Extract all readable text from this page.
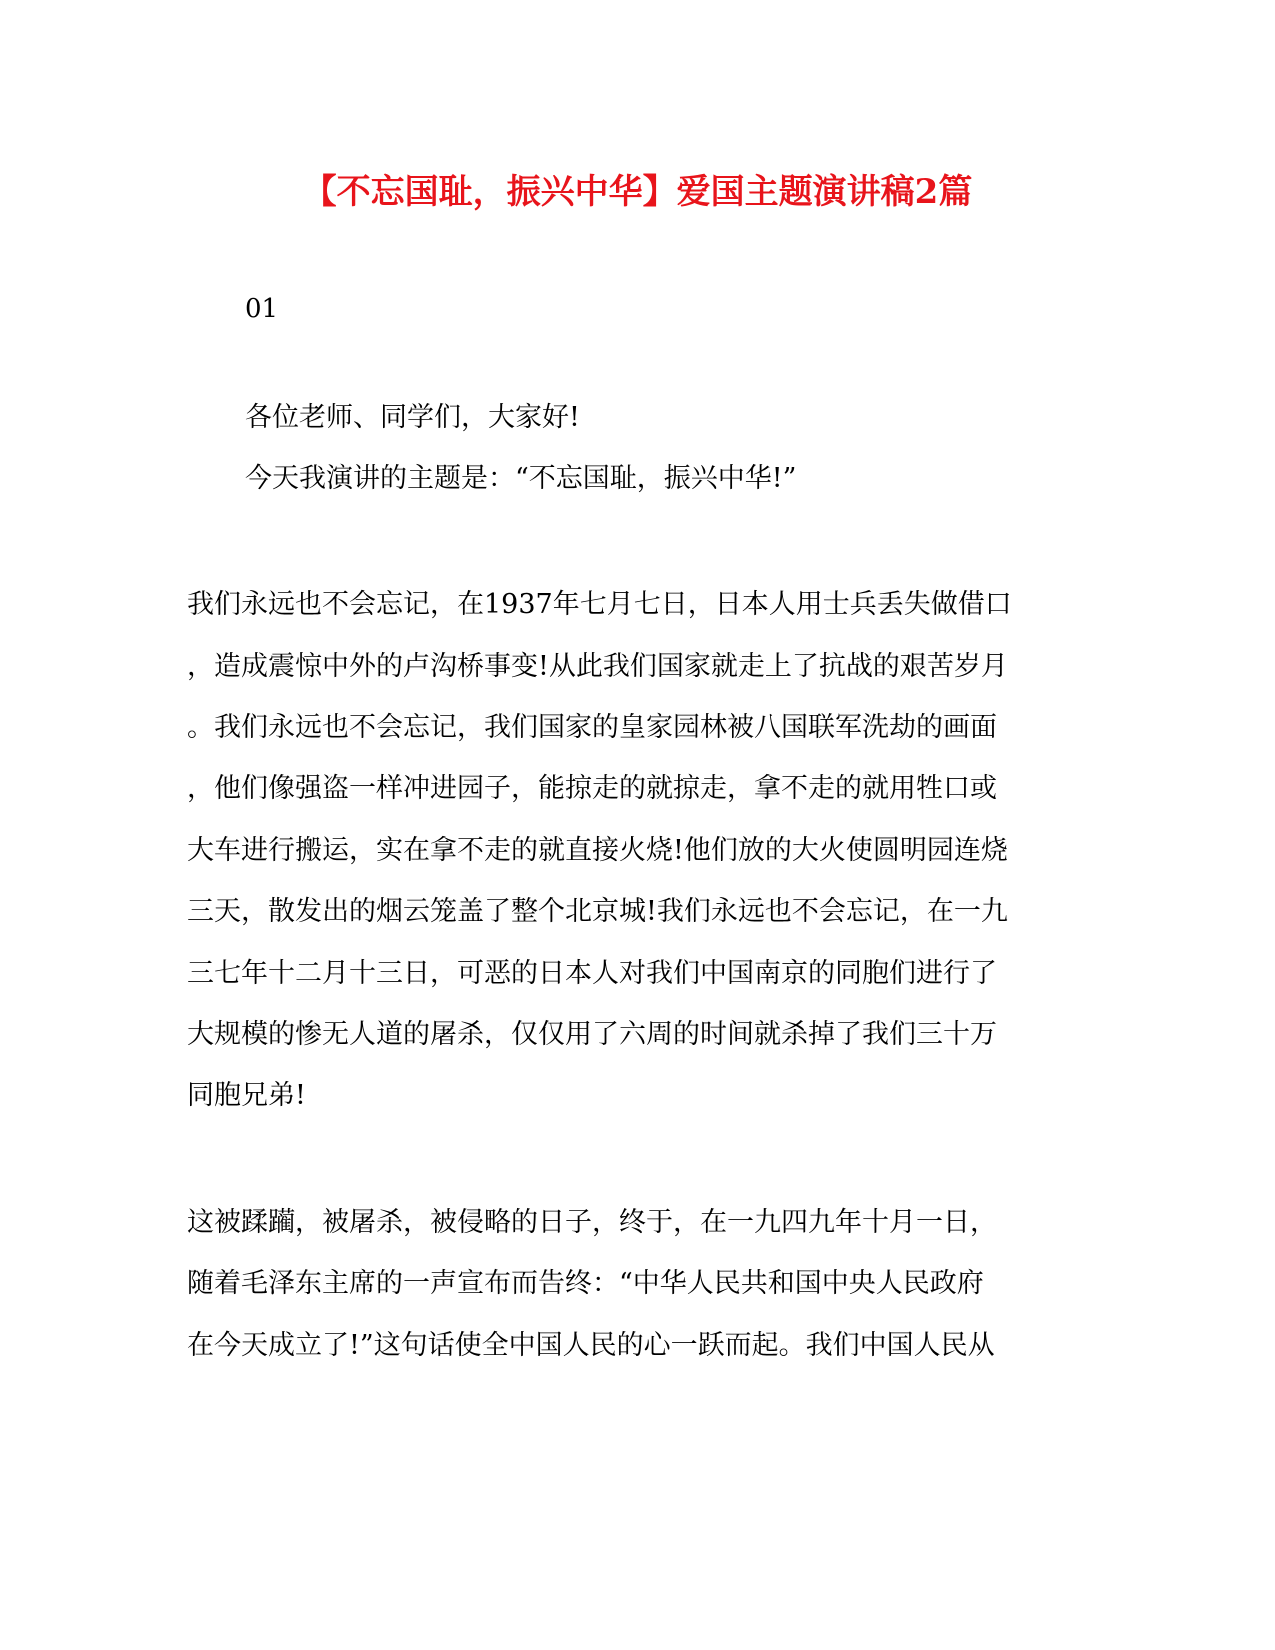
【不忘国耻，振兴中华】爱国主题演讲稿2篇
01
各位老师、同学们，大家好!
今天我演讲的主题是：“不忘国耻，振兴中华!”
我们永远也不会忘记，在1937年七月七日，日本人用士兵丢失做借口
，造成震惊中外的卢沟桥事变!从此我们国家就走上了抗战的艰苦岁月
。我们永远也不会忘记，我们国家的皇家园林被八国联军洗劫的画面
，他们像强盗一样冲进园子，能掠走的就掠走，拿不走的就用牲口或
大车进行搬运，实在拿不走的就直接火烧!他们放的大火使圆明园连烧
三天，散发出的烟云笼盖了整个北京城!我们永远也不会忘记，在一九
三七年十二月十三日，可恶的日本人对我们中国南京的同胞们进行了
大规模的惨无人道的屠杀，仅仅用了六周的时间就杀掉了我们三十万
同胞兄弟!
这被蹂躏，被屠杀，被侵略的日子，终于，在一九四九年十月一日，
随着毛泽东主席的一声宣布而告终：“中华人民共和国中央人民政府
在今天成立了!”这句话使全中国人民的心一跃而起。我们中国人民从
